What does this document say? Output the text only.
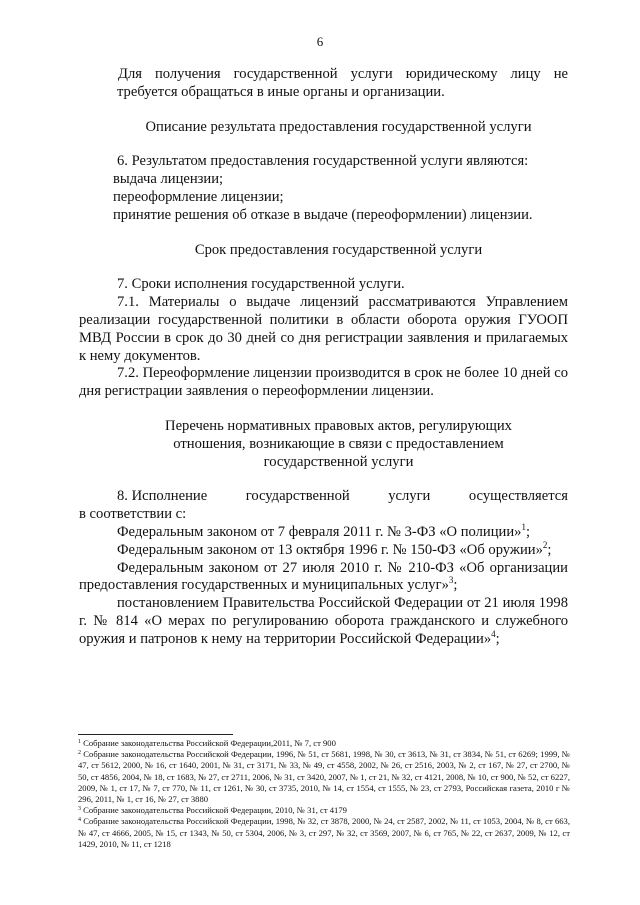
6

Для получения государственной услуги юридическому лицу не требуется обращаться в иные органы и организации.

Описание результата предоставления государственной услуги

6. Результатом предоставления государственной услуги являются:

выдача лицензии;

переоформление лицензии;

принятие решения об отказе в выдаче (переоформлении) лицензии.

Срок предоставления государственной услуги

7. Сроки исполнения государственной услуги.

7.1. Материалы о выдаче лицензий рассматриваются Управлением реализации государственной политики в области оборота оружия ГУООП МВД России в срок до 30 дней со дня регистрации заявления и прилагаемых к нему документов.

7.2. Переоформление лицензии производится в срок не более 10 дней со дня регистрации заявления о переоформлении лицензии.

Перечень нормативных правовых актов, регулирующих

отношения, возникающие в связи с предоставлением

государственной услуги

8. Исполнение	государственной	услуги	осуществляется

в соответствии с:

Федеральным законом от 7 февраля 2011 г. № 3-ФЗ «О полиции»$^1$;

Федеральным законом от 13 октября 1996 г. № 150-ФЗ «Об оружии»$^2$;

Федеральным законом от 27 июля 2010 г. № 210-ФЗ «Об организации предоставления государственных и муниципальных услуг»$^3$;

постановлением Правительства Российской Федерации от 21 июля 1998 г. № 814 «О мерах по регулированию оборота гражданского и служебного оружия и патронов к нему на территории Российской Федерации»$^4$;

$^1$ Собрание законодательства Российской Федерации,2011, № 7, ст 900

$^2$ Собрание законодательства Российской Федерации, 1996, № 51, ст 5681, 1998, № 30, ст 3613, № 31, ст 3834, № 51, ст 6269; 1999, № 47, ст 5612, 2000, № 16, ст 1640, 2001, № 31, ст 3171, № 33, № 49, ст 4558, 2002, № 26, ст 2516, 2003, № 2, ст 167, № 27, ст 2700, № 50, ст 4856, 2004, № 18, ст 1683, № 27, ст 2711, 2006, № 31, ст 3420, 2007, № 1, ст 21, № 32, ст 4121, 2008, № 10, ст 900, № 52, ст 6227, 2009, № 1, ст 17, № 7, ст 770, № 11, ст 1261, № 30, ст 3735, 2010, № 14, ст 1554, ст 1555, № 23, ст 2793, Российская газета, 2010 г № 296, 2011, № 1, ст 16, № 27, ст 3880

$^3$ Собрание законодательства Российской Федерации, 2010, № 31, ст 4179

$^4$ Собрание законодательства Российской Федерации, 1998, № 32, ст 3878, 2000, № 24, ст 2587, 2002, № 11, ст 1053, 2004, № 8, ст 663, № 47, ст 4666, 2005, № 15, ст 1343, № 50, ст 5304, 2006, № 3, ст 297, № 32, ст 3569, 2007, № 6, ст 765, № 22, ст 2637, 2009, № 12, ст 1429, 2010, № 11, ст 1218
